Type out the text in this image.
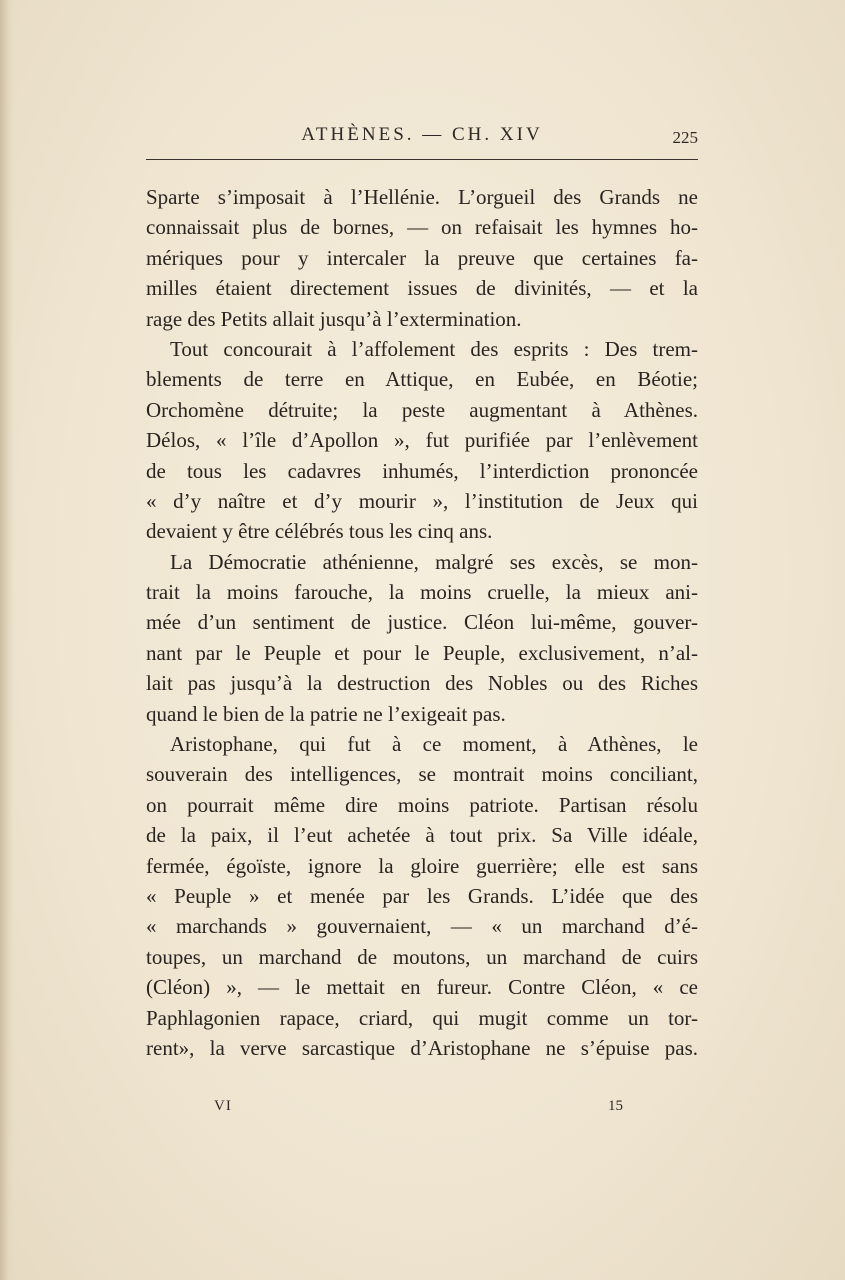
ATHÈNES. — CH. XIV	225
Sparte s’imposait à l’Hellénie. L’orgueil des Grands ne
connaissait plus de bornes, — on refaisait les hymnes ho-
mériques pour y intercaler la preuve que certaines fa-
milles étaient directement issues de divinités, — et la
rage des Petits allait jusqu’à l’extermination.
Tout concourait à l’affolement des esprits : Des trem-
blements de terre en Attique, en Eubée, en Béotie;
Orchomène détruite; la peste augmentant à Athènes.
Délos, « l’île d’Apollon », fut purifiée par l’enlèvement
de tous les cadavres inhumés, l’interdiction prononcée
« d’y naître et d’y mourir », l’institution de Jeux qui
devaient y être célébrés tous les cinq ans.
La Démocratie athénienne, malgré ses excès, se mon-
trait la moins farouche, la moins cruelle, la mieux ani-
mée d’un sentiment de justice. Cléon lui-même, gouver-
nant par le Peuple et pour le Peuple, exclusivement, n’al-
lait pas jusqu’à la destruction des Nobles ou des Riches
quand le bien de la patrie ne l’exigeait pas.
Aristophane, qui fut à ce moment, à Athènes, le
souverain des intelligences, se montrait moins conciliant,
on pourrait même dire moins patriote. Partisan résolu
de la paix, il l’eut achetée à tout prix. Sa Ville idéale,
fermée, égoïste, ignore la gloire guerrière; elle est sans
« Peuple » et menée par les Grands. L’idée que des
« marchands » gouvernaient, — « un marchand d’é-
toupes, un marchand de moutons, un marchand de cuirs
(Cléon) », — le mettait en fureur. Contre Cléon, « ce
Paphlagonien rapace, criard, qui mugit comme un tor-
rent», la verve sarcastique d’Aristophane ne s’épuise pas.
VI	15
